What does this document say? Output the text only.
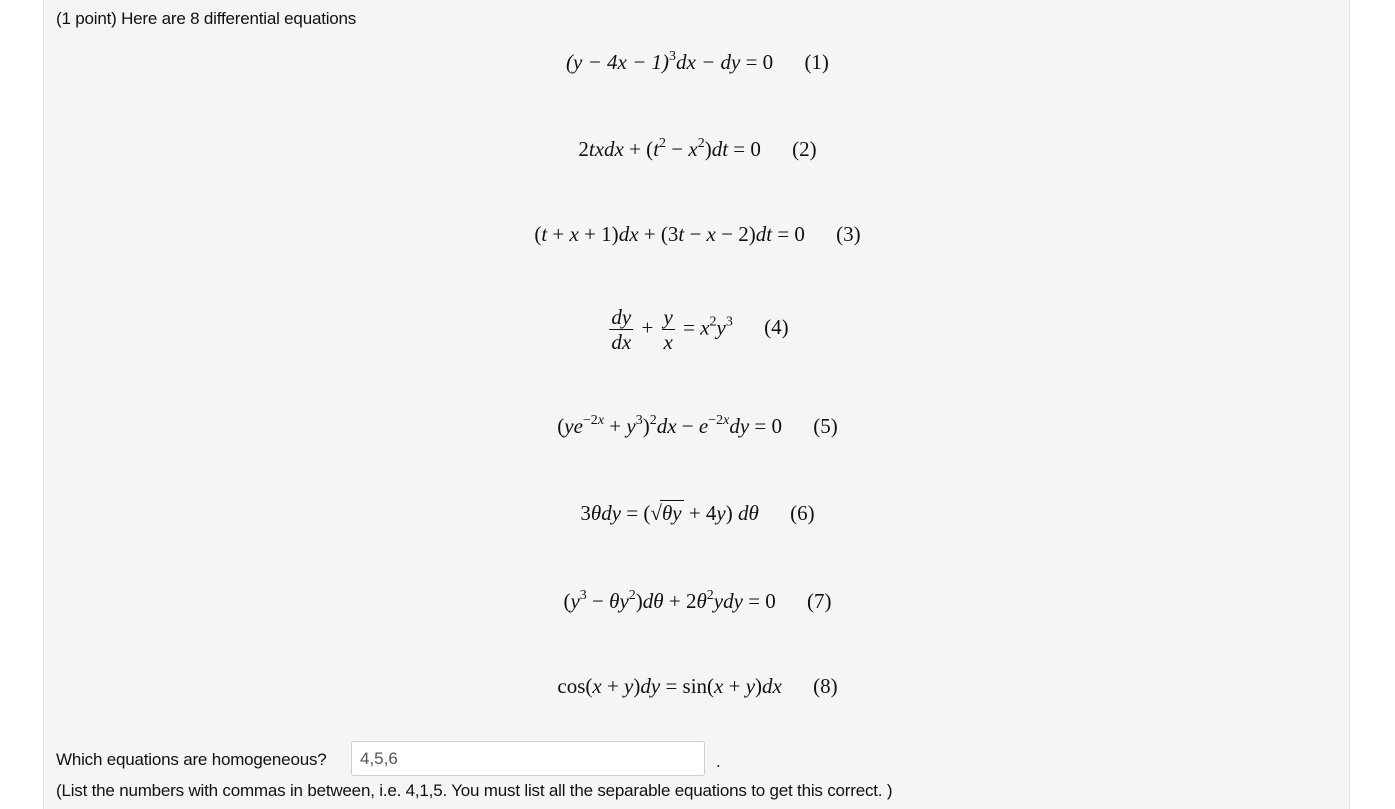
(1 point) Here are 8 differential equations
$(y - 4x - 1)^3dx$ − dy = 0 (1)
2txdx + $(t^2 - x^2)dt = 0$ (2)
(t + x + 1)dx + (3t − x − 2)dt = 0 (3)
$\frac{dy}{dx} + \frac{y}{x} = x^2y^3$ (4)
$(ye^{-2x} + y^3)^2dx - e^{-2x}dy = 0$ (5)
3θdy = (√θy + 4y) dθ (6)
$(y^3 - \theta y^2)d\theta + 2\theta^2ydy = 0$ (7)
cos(x + y)dy = sin(x + y)dx (8)
Which equations are homogeneous?
4,5,6	.
(List the numbers with commas in between, i.e. 4,1,5. You must list all the separable equations to get this correct. )
